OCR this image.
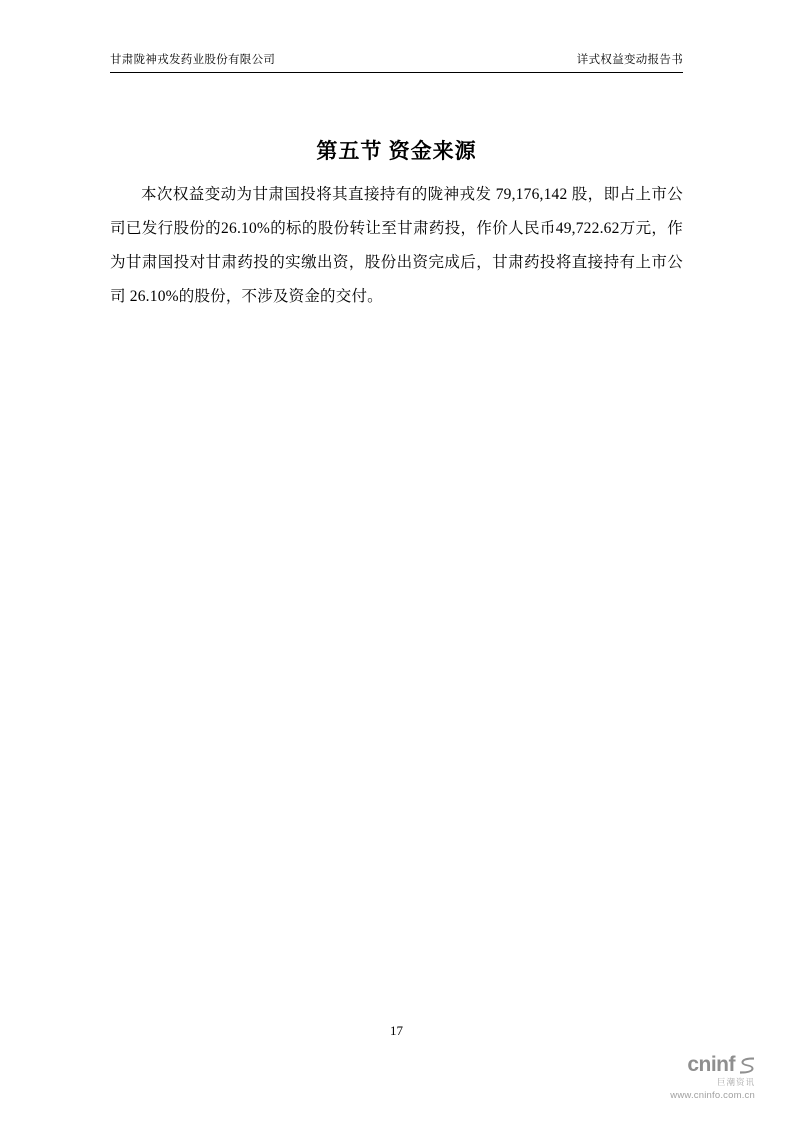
甘肃陇神戎发药业股份有限公司	详式权益变动报告书
第五节 资金来源

本次权益变动为甘肃国投将其直接持有的陇神戎发 79,176,142 股，即占上市公司已发行股份的26.10%的标的股份转让至甘肃药投，作价人民币49,722.62万元，作为甘肃国投对甘肃药投的实缴出资，股份出资完成后，甘肃药投将直接持有上市公司 26.10%的股份，不涉及资金的交付。

17
cninf
巨潮资讯
www.cninfo.com.cn
